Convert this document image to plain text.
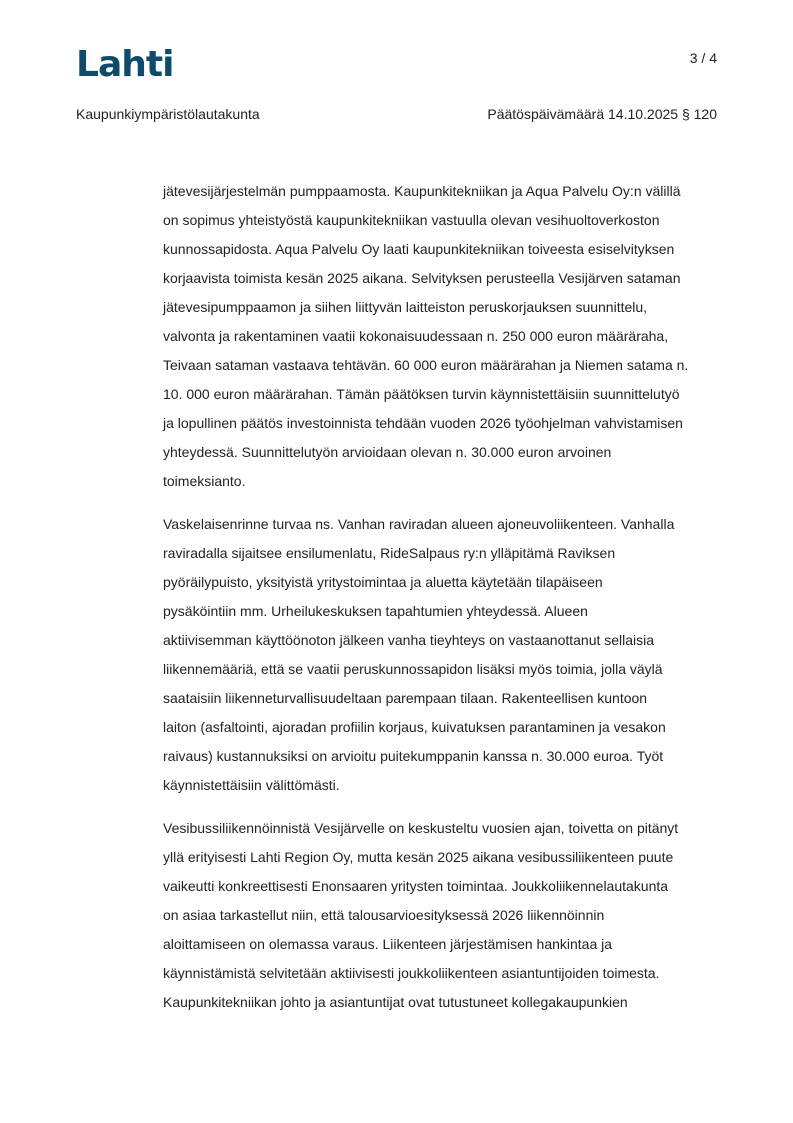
Lahti	3 / 4
Kaupunkiympäristölautakunta	Päätöspäivämäärä 14.10.2025 § 120

jätevesijärjestelmän pumppaamosta. Kaupunkitekniikan ja Aqua Palvelu Oy:n välillä
on sopimus yhteistyöstä kaupunkitekniikan vastuulla olevan vesihuoltoverkoston
kunnossapidosta. Aqua Palvelu Oy laati kaupunkitekniikan toiveesta esiselvityksen
korjaavista toimista kesän 2025 aikana. Selvityksen perusteella Vesijärven sataman
jätevesipumppaamon ja siihen liittyvän laitteiston peruskorjauksen suunnittelu,
valvonta ja rakentaminen vaatii kokonaisuudessaan n. 250 000 euron määräraha,
Teivaan sataman vastaava tehtävän. 60 000 euron määrärahan ja Niemen satama n.
10. 000 euron määrärahan. Tämän päätöksen turvin käynnistettäisiin suunnittelutyö
ja lopullinen päätös investoinnista tehdään vuoden 2026 työohjelman vahvistamisen
yhteydessä. Suunnittelutyön arvioidaan olevan n. 30.000 euron arvoinen
toimeksianto.

Vaskelaisenrinne turvaa ns. Vanhan raviradan alueen ajoneuvoliikenteen. Vanhalla
raviradalla sijaitsee ensilumenlatu, RideSalpaus ry:n ylläpitämä Raviksen
pyöräilypuisto, yksityistä yritystoimintaa ja aluetta käytetään tilapäiseen
pysäköintiin mm. Urheilukeskuksen tapahtumien yhteydessä. Alueen
aktiivisemman käyttöönoton jälkeen vanha tieyhteys on vastaanottanut sellaisia
liikennemääriä, että se vaatii peruskunnossapidon lisäksi myös toimia, jolla väylä
saataisiin liikenneturvallisuudeltaan parempaan tilaan. Rakenteellisen kuntoon
laiton (asfaltointi, ajoradan profiilin korjaus, kuivatuksen parantaminen ja vesakon
raivaus) kustannuksiksi on arvioitu puitekumppanin kanssa n. 30.000 euroa. Työt
käynnistettäisiin välittömästi.

Vesibussiliikennöinnistä Vesijärvelle on keskusteltu vuosien ajan, toivetta on pitänyt
yllä erityisesti Lahti Region Oy, mutta kesän 2025 aikana vesibussiliikenteen puute
vaikeutti konkreettisesti Enonsaaren yritysten toimintaa. Joukkoliikennelautakunta
on asiaa tarkastellut niin, että talousarvioesityksessä 2026 liikennöinnin
aloittamiseen on olemassa varaus. Liikenteen järjestämisen hankintaa ja
käynnistämistä selvitetään aktiivisesti joukkoliikenteen asiantuntijoiden toimesta.
Kaupunkitekniikan johto ja asiantuntijat ovat tutustuneet kollegakaupunkien
